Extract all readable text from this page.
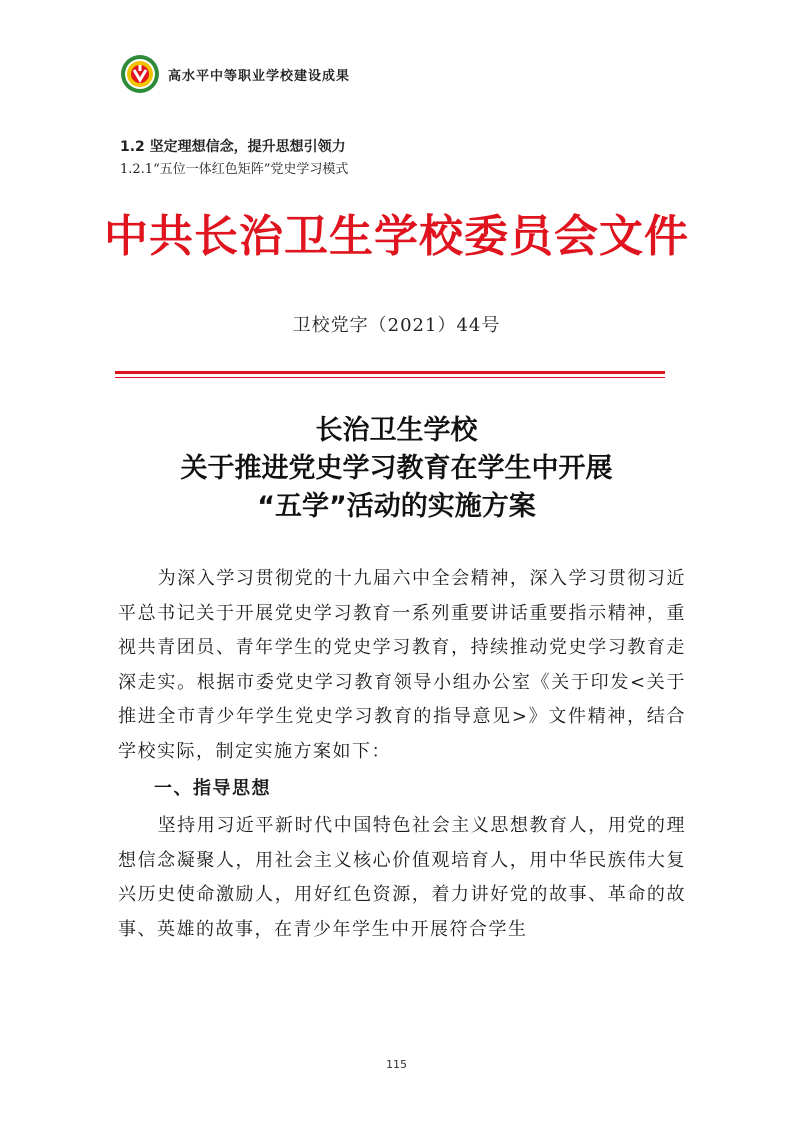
高水平中等职业学校建设成果
1.2 坚定理想信念，提升思想引领力
1.2.1“五位一体红色矩阵”党史学习模式
中共长治卫生学校委员会文件
卫校党字（2021）44号
长治卫生学校
关于推进党史学习教育在学生中开展
“五学”活动的实施方案

为深入学习贯彻党的十九届六中全会精神，深入学习贯彻习近平总书记关于开展党史学习教育一系列重要讲话重要指示精神，重视共青团员、青年学生的党史学习教育，持续推动党史学习教育走深走实。根据市委党史学习教育领导小组办公室《关于印发<关于推进全市青少年学生党史学习教育的指导意见>》文件精神，结合学校实际，制定实施方案如下：

一、指导思想

坚持用习近平新时代中国特色社会主义思想教育人，用党的理想信念凝聚人，用社会主义核心价值观培育人，用中华民族伟大复兴历史使命激励人，用好红色资源，着力讲好党的故事、革命的故事、英雄的故事，在青少年学生中开展符合学生

115
